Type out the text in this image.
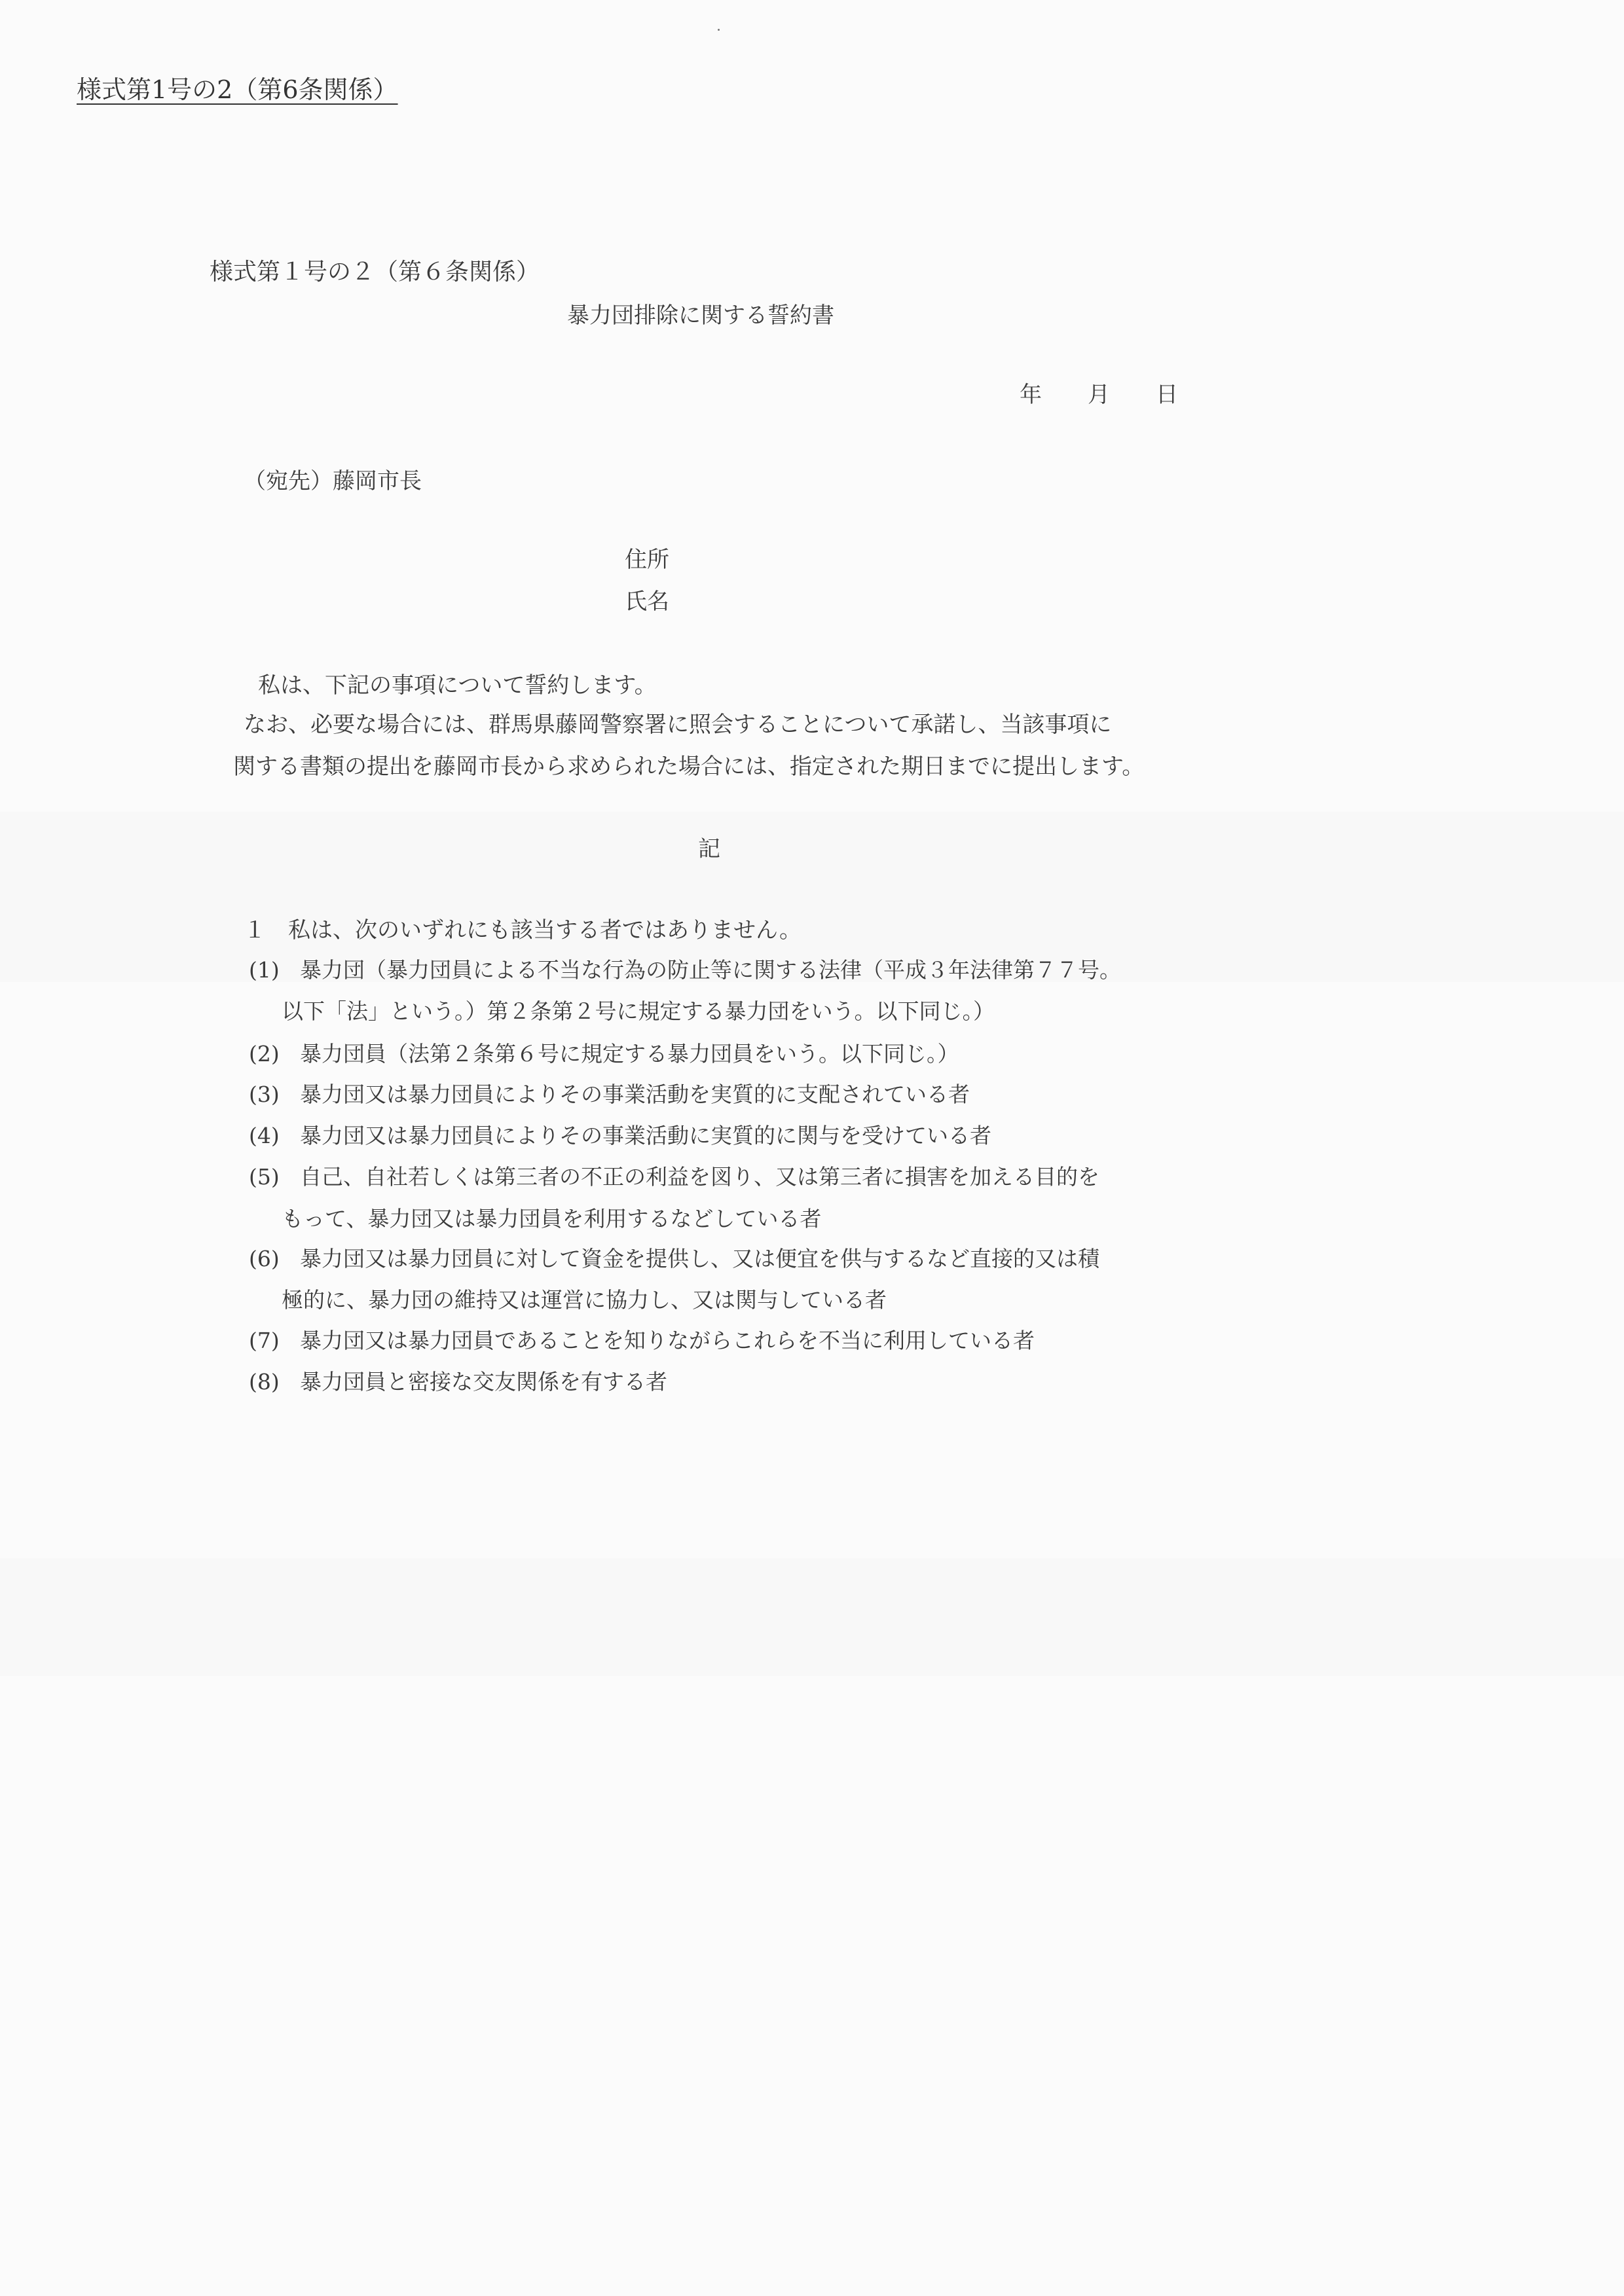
様式第1号の2（第6条関係）
様式第１号の２（第６条関係）
暴力団排除に関する誓約書
年 月 日
（宛先）藤岡市長
住所
氏名
私は、下記の事項について誓約します。
なお、必要な場合には、群馬県藤岡警察署に照会することについて承諾し、当該事項に
関する書類の提出を藤岡市長から求められた場合には、指定された期日までに提出します。
記
１　私は、次のいずれにも該当する者ではありません。
(1) 暴力団（暴力団員による不当な行為の防止等に関する法律（平成３年法律第７７号。
以下「法」という。）第２条第２号に規定する暴力団をいう。以下同じ。）
(2) 暴力団員（法第２条第６号に規定する暴力団員をいう。以下同じ。）
(3) 暴力団又は暴力団員によりその事業活動を実質的に支配されている者
(4) 暴力団又は暴力団員によりその事業活動に実質的に関与を受けている者
(5) 自己、自社若しくは第三者の不正の利益を図り、又は第三者に損害を加える目的を
もって、暴力団又は暴力団員を利用するなどしている者
(6) 暴力団又は暴力団員に対して資金を提供し、又は便宜を供与するなど直接的又は積
極的に、暴力団の維持又は運営に協力し、又は関与している者
(7) 暴力団又は暴力団員であることを知りながらこれらを不当に利用している者
(8) 暴力団員と密接な交友関係を有する者
